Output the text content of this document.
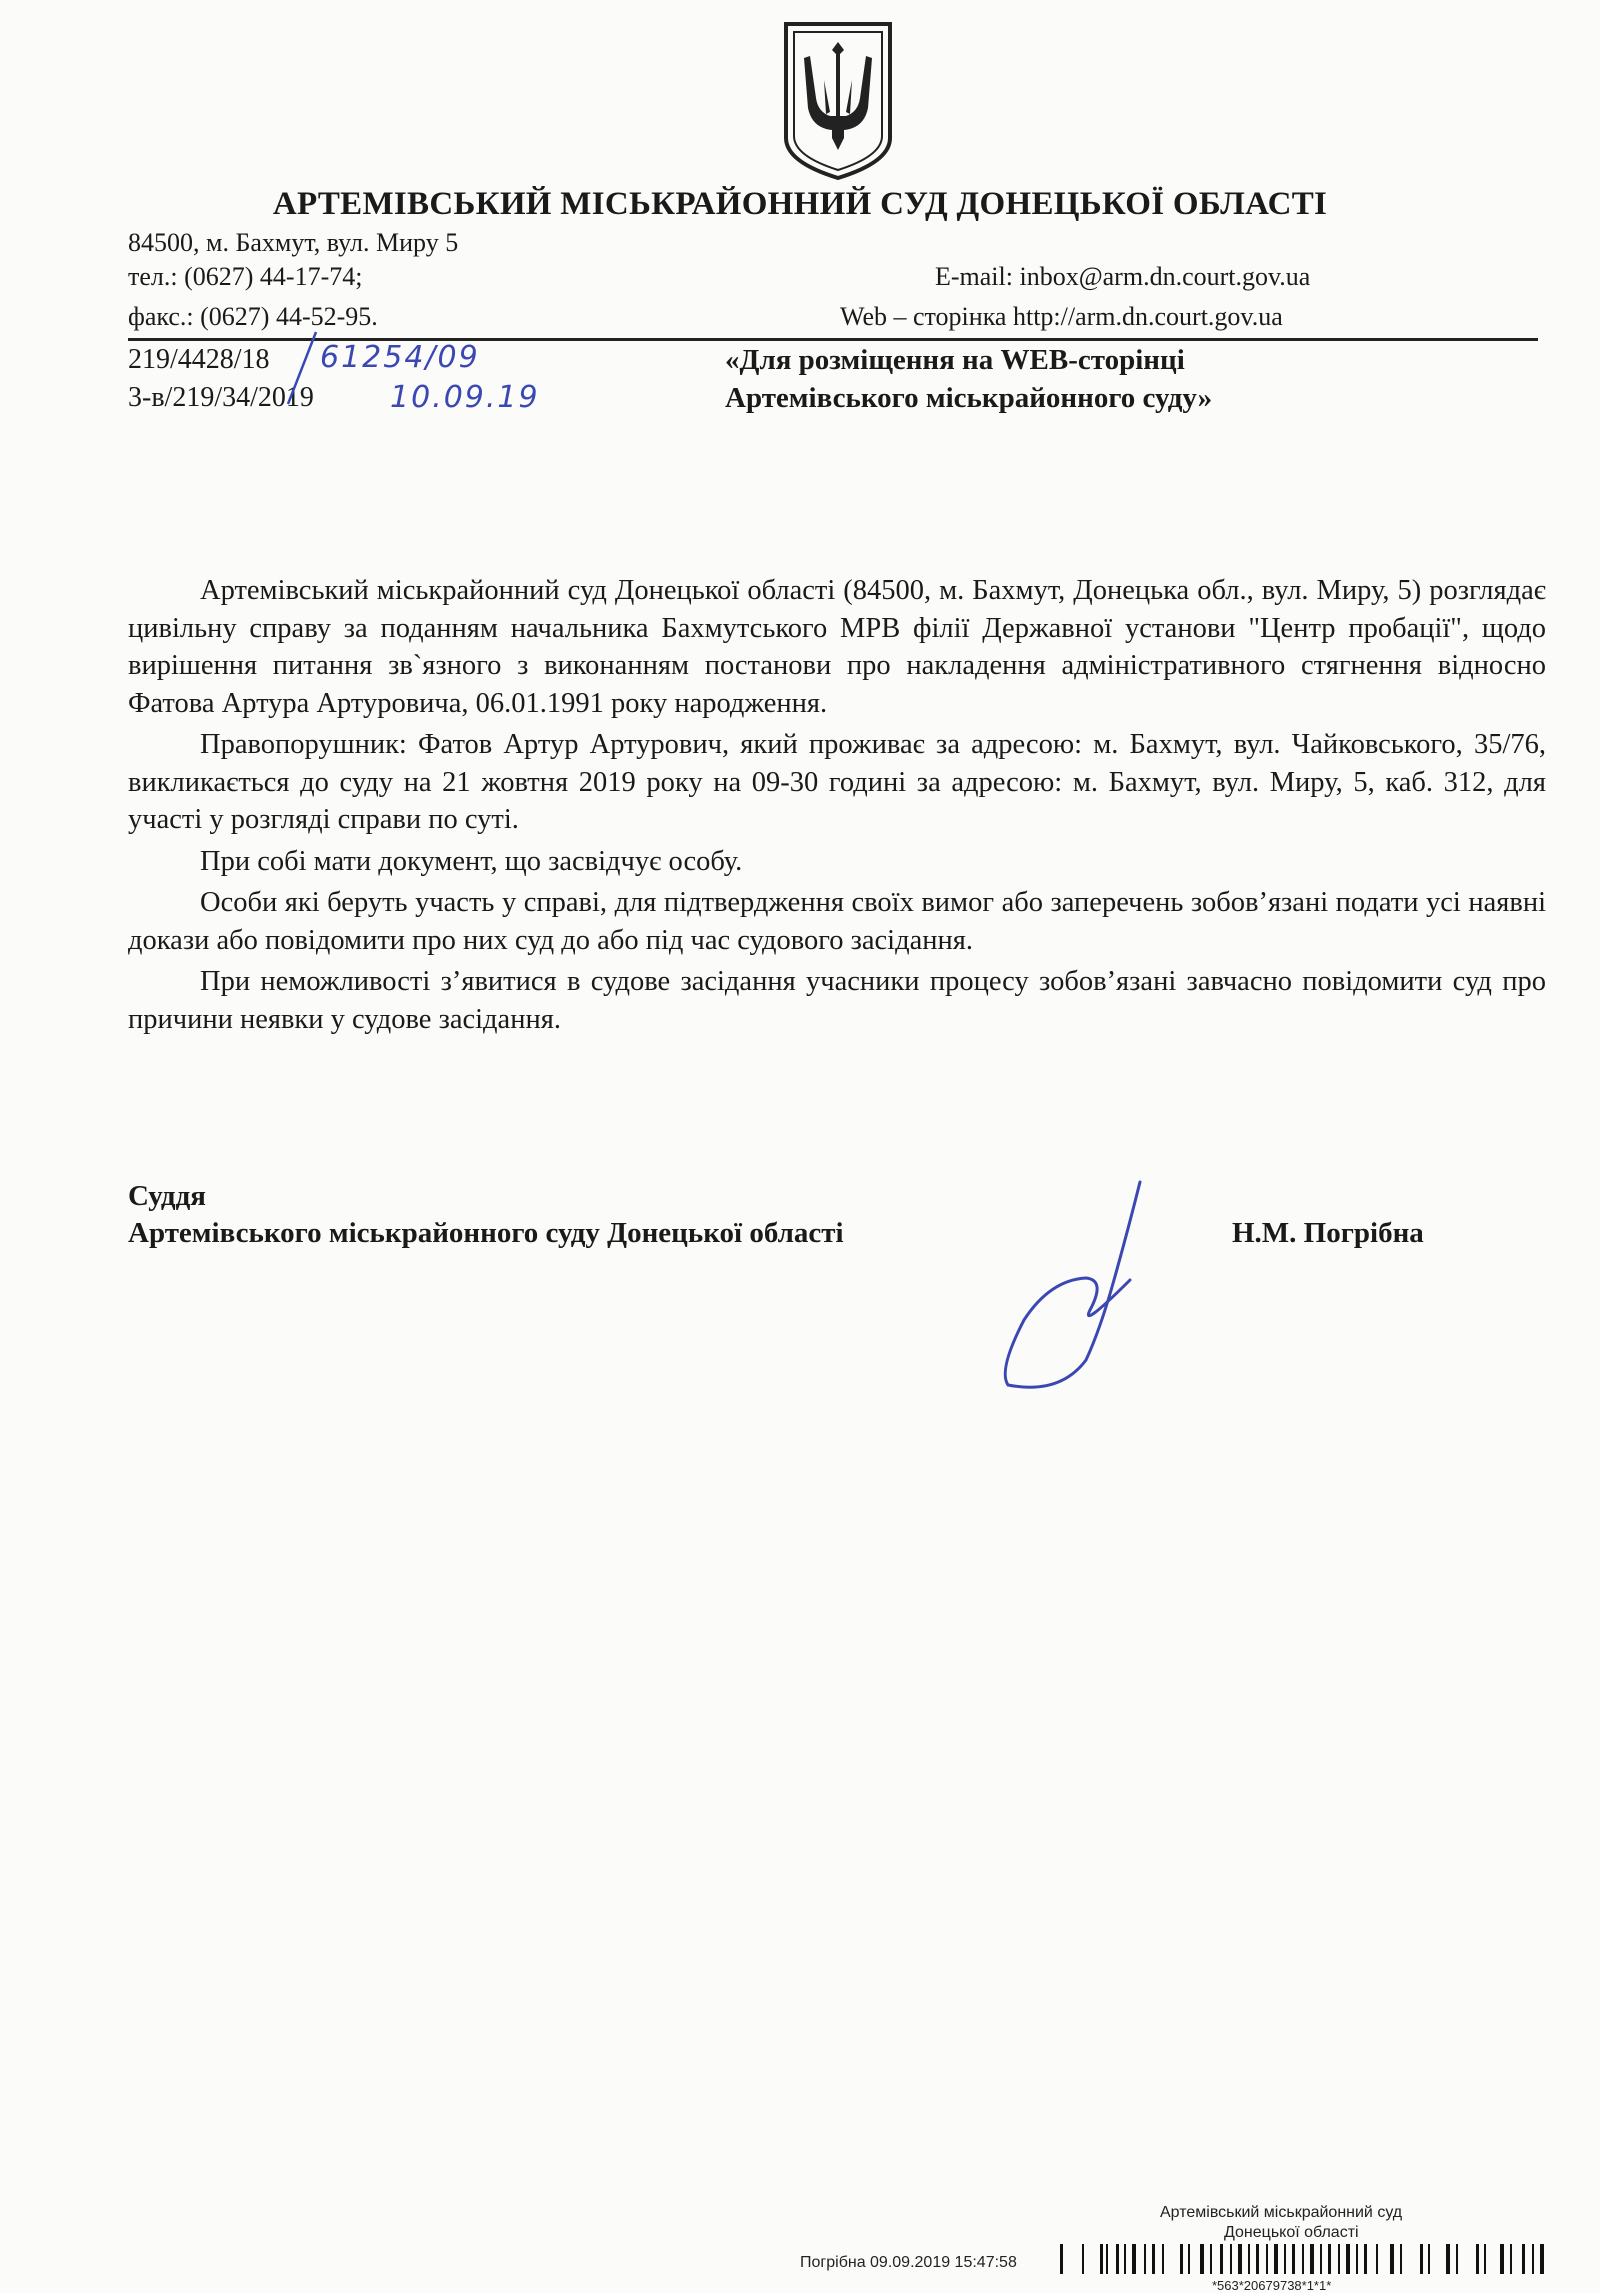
АРТЕМІВСЬКИЙ МІСЬКРАЙОННИЙ СУД ДОНЕЦЬКОЇ ОБЛАСТІ
84500, м. Бахмут, вул. Миру 5
тел.: (0627) 44-17-74;
факс.: (0627) 44-52-95.
E-mail: inbox@arm.dn.court.gov.ua
Web – сторінка http://arm.dn.court.gov.ua
219/4428/18
3-в/219/34/2019
61254/09
10.09.19
«Для розміщення на WEB-сторінці
Артемівського міськрайонного суду»

Артемівський міськрайонний суд Донецької області (84500, м. Бахмут, Донецька обл., вул. Миру, 5) розглядає цивільну справу за поданням начальника Бахмутського МРВ філії Державної установи "Центр пробації", щодо вирішення питання зв`язного з виконанням постанови про накладення адміністративного стягнення відносно Фатова Артура Артуровича, 06.01.1991 року народження.

Правопорушник: Фатов Артур Артурович, який проживає за адресою: м. Бахмут, вул. Чайковського, 35/76, викликається до суду на 21 жовтня 2019 року на 09-30 годині за адресою: м. Бахмут, вул. Миру, 5, каб. 312, для участі у розгляді справи по суті.

При собі мати документ, що засвідчує особу.

Особи які беруть участь у справі, для підтвердження своїх вимог або заперечень зобов’язані подати усі наявні докази або повідомити про них суд до або під час судового засідання.

При неможливості з’явитися в судове засідання учасники процесу зобов’язані завчасно повідомити суд про причини неявки у судове засідання.

Суддя
Артемівського міськрайонного суду Донецької області	Н.М. Погрібна
Артемівський міськрайонний суд
Донецької області
Погрібна 09.09.2019 15:47:58
*563*20679738*1*1*
